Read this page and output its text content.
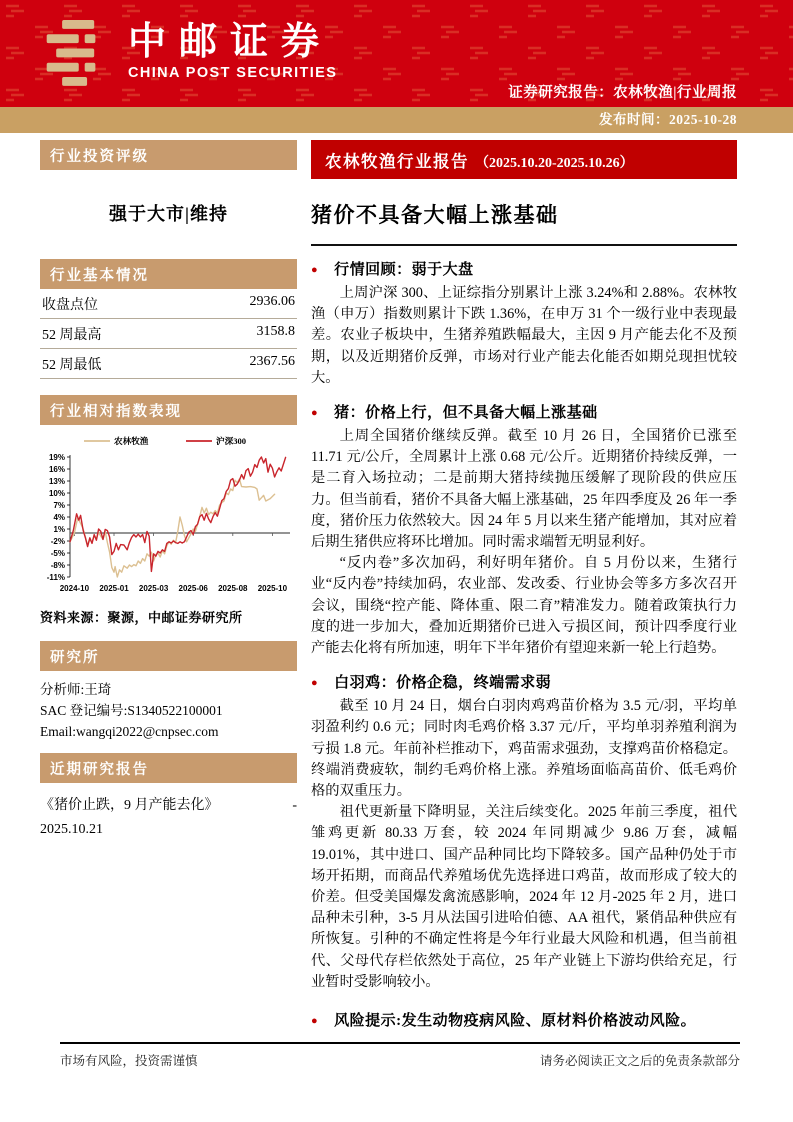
中邮证券
CHINA POST SECURITIES
证券研究报告：农林牧渔|行业周报
发布时间：2025-10-28
行业投资评级
强于大市|维持
行业基本情况
收盘点位	2936.06
52 周最高	3158.8
52 周最低	2367.56
行业相对指数表现
农林牧渔	沪深300
19%
16%
13%
10%
7%
4%
1%
-2%
-5%
-8%
-11%
2024-10 2025-01 2025-03 2025-06 2025-08 2025-10
资料来源：聚源，中邮证券研究所
研究所
分析师:王琦
SAC 登记编号:S1340522100001
Email:wangqi2022@cnpsec.com
近期研究报告
《猪价止跌，9 月产能去化》	-
2025.10.21
农林牧渔行业报告 （2025.10.20-2025.10.26）
猪价不具备大幅上涨基础
● 行情回顾：弱于大盘

上周沪深 300、上证综指分别累计上涨 3.24%和 2.88%。农林牧渔（申万）指数则累计下跌 1.36%，在申万 31 个一级行业中表现最差。农业子板块中，生猪养殖跌幅最大，主因 9 月产能去化不及预期，以及近期猪价反弹，市场对行业产能去化能否如期兑现担忧较大。

● 猪：价格上行，但不具备大幅上涨基础

上周全国猪价继续反弹。截至 10 月 26 日，全国猪价已涨至 11.71 元/公斤，全周累计上涨 0.68 元/公斤。近期猪价持续反弹，一是二育入场拉动；二是前期大猪持续抛压缓解了现阶段的供应压力。但当前看，猪价不具备大幅上涨基础，25 年四季度及 26 年一季度，猪价压力依然较大。因 24 年 5 月以来生猪产能增加，其对应着后期生猪供应将环比增加。同时需求端暂无明显利好。

“反内卷”多次加码，利好明年猪价。自 5 月份以来，生猪行业“反内卷”持续加码，农业部、发改委、行业协会等多方多次召开会议，围绕“控产能、降体重、限二育”精准发力。随着政策执行力度的进一步加大，叠加近期猪价已进入亏损区间，预计四季度行业产能去化将有所加速，明年下半年猪价有望迎来新一轮上行趋势。

● 白羽鸡：价格企稳，终端需求弱

截至 10 月 24 日，烟台白羽肉鸡鸡苗价格为 3.5 元/羽，平均单羽盈利约 0.6 元；同时肉毛鸡价格 3.37 元/斤，平均单羽养殖利润为亏损 1.8 元。年前补栏推动下，鸡苗需求强劲，支撑鸡苗价格稳定。终端消费疲软，制约毛鸡价格上涨。养殖场面临高苗价、低毛鸡价格的双重压力。

祖代更新量下降明显，关注后续变化。2025 年前三季度，祖代雏鸡更新 80.33 万套，较 2024 年同期减少 9.86 万套，减幅 19.01%，其中进口、国产品种同比均下降较多。国产品种仍处于市场开拓期，而商品代养殖场优先选择进口鸡苗，故而形成了较大的价差。但受美国爆发禽流感影响，2024 年 12 月-2025 年 2 月，进口品种未引种，3-5 月从法国引进哈伯德、AA 祖代，紧俏品种供应有所恢复。引种的不确定性将是今年行业最大风险和机遇，但当前祖代、父母代存栏依然处于高位，25 年产业链上下游均供给充足，行业暂时受影响较小。

● 风险提示:发生动物疫病风险、原材料价格波动风险。
市场有风险，投资需谨慎	请务必阅读正文之后的免责条款部分
